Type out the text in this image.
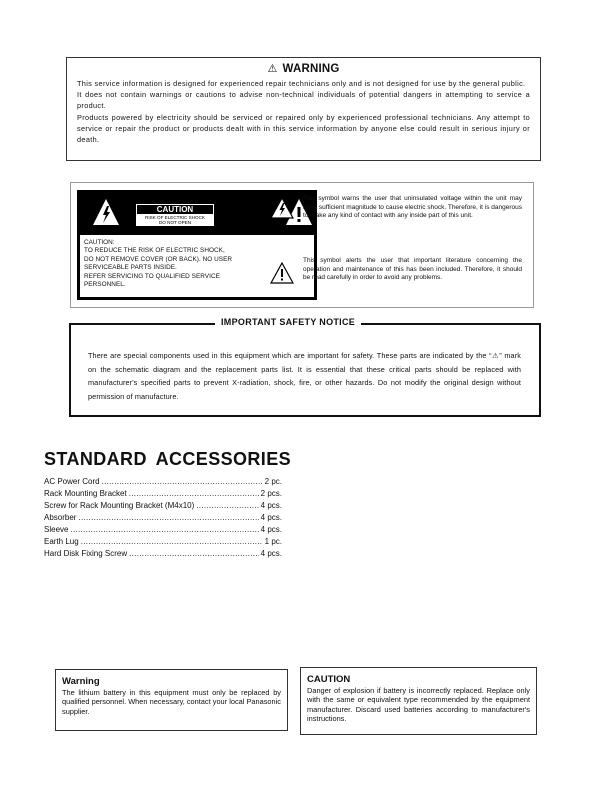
⚠ WARNING

This service information is designed for experienced repair technicians only and is not designed for use by the general public.

It does not contain warnings or cautions to advise non-technical individuals of potential dangers in attempting to service a product.

Products powered by electricity should be serviced or repaired only by experienced professional technicians. Any attempt to service or repair the product or products dealt with in this service information by anyone else could result in serious injury or death.

CAUTION
RISK OF ELECTRIC SHOCK
DO NOT OPEN
CAUTION:
TO REDUCE THE RISK OF ELECTRIC SHOCK,
DO NOT REMOVE COVER (OR BACK). NO USER
SERVICEABLE PARTS INSIDE.
REFER SERVICING TO QUALIFIED SERVICE
PERSONNEL.
This symbol warns the user that uninsulated voltage within the unit may have sufficient magnitude to cause electric shock. Therefore, it is dangerous to make any kind of contact with any inside part of this unit.
This symbol alerts the user that important literature concerning the operation and maintenance of this has been included. Therefore, it should be read carefully in order to avoid any problems.
IMPORTANT SAFETY NOTICE

There are special components used in this equipment which are important for safety. These parts are indicated by the “⚠” mark on the schematic diagram and the replacement parts list. It is essential that these critical parts should be replaced with manufacturer's specified parts to prevent X-radiation, shock, fire, or other hazards. Do not modify the original design without permission of manufacture.

STANDARD ACCESSORIES
AC Power Cord .....	2 pc.
Rack Mounting Bracket .....	2 pcs.
Screw for Rack Mounting Bracket (M4x10) .....	4 pcs.
Absorber .....	4 pcs.
Sleeve .....	4 pcs.
Earth Lug .....	1 pc.
Hard Disk Fixing Screw .....	4 pcs.
Warning

The lithium battery in this equipment must only be replaced by qualified personnel. When necessary, contact your local Panasonic supplier.

CAUTION

Danger of explosion if battery is incorrectly replaced. Replace only with the same or equivalent type recommended by the equipment manufacturer. Discard used batteries according to manufacturer's instructions.
